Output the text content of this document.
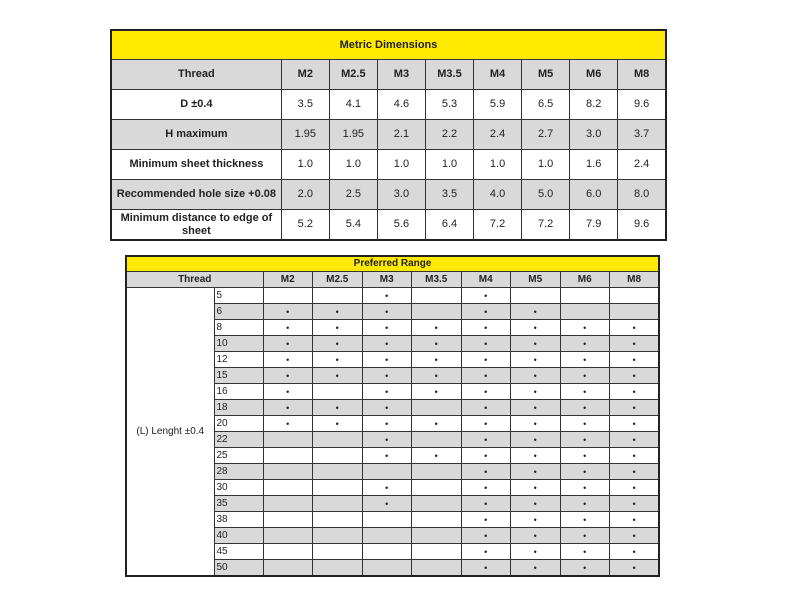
Metric Dimensions								
Thread	M2	M2.5	M3	M3.5	M4	M5	M6	M8
D ±0.4	3.5	4.1	4.6	5.3	5.9	6.5	8.2	9.6
H maximum	1.95	1.95	2.1	2.2	2.4	2.7	3.0	3.7
Minimum sheet thickness	1.0	1.0	1.0	1.0	1.0	1.0	1.6	2.4
Recommended hole size +0.08	2.0	2.5	3.0	3.5	4.0	5.0	6.0	8.0
Minimum distance to edge of sheet	5.2	5.4	5.6	6.4	7.2	7.2	7.9	9.6
Preferred Range									
Thread		M2	M2.5	M3	M3.5	M4	M5	M6	M8
(L) Lenght ±0.4	5			•		•			
	6	•	•	•		•	•		
	8	•	•	•	•	•	•	•	•
	10	•	•	•	•	•	•	•	•
	12	•	•	•	•	•	•	•	•
	15	•	•	•	•	•	•	•	•
	16	•		•	•	•	•	•	•
	18	•	•	•		•	•	•	•
	20	•	•	•	•	•	•	•	•
	22			•		•	•	•	•
	25			•	•	•	•	•	•
	28					•	•	•	•
	30			•		•	•	•	•
	35			•		•	•	•	•
	38					•	•	•	•
	40					•	•	•	•
	45					•	•	•	•
	50					•	•	•	•
